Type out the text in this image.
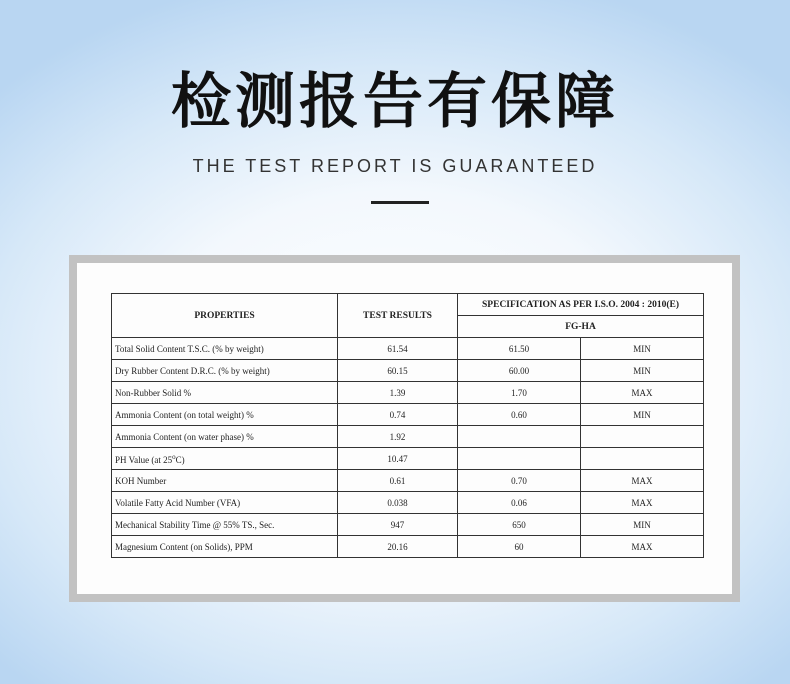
检测报告有保障
THE TEST REPORT IS GUARANTEED
PROPERTIES	TEST RESULTS	SPECIFICATION AS PER I.S.O. 2004 : 2010(E)	
		FG-HA	
Total Solid Content T.S.C. (% by weight)	61.54	61.50	MIN
Dry Rubber Content D.R.C. (% by weight)	60.15	60.00	MIN
Non-Rubber Solid %	1.39	1.70	MAX
Ammonia Content (on total weight) %	0.74	0.60	MIN
Ammonia Content (on water phase) %	1.92		
PH Value (at 25$^o$C)	10.47		
KOH Number	0.61	0.70	MAX
Volatile Fatty Acid Number (VFA)	0.038	0.06	MAX
Mechanical Stability Time @ 55% TS., Sec.	947	650	MIN
Magnesium Content (on Solids), PPM	20.16	60	MAX
